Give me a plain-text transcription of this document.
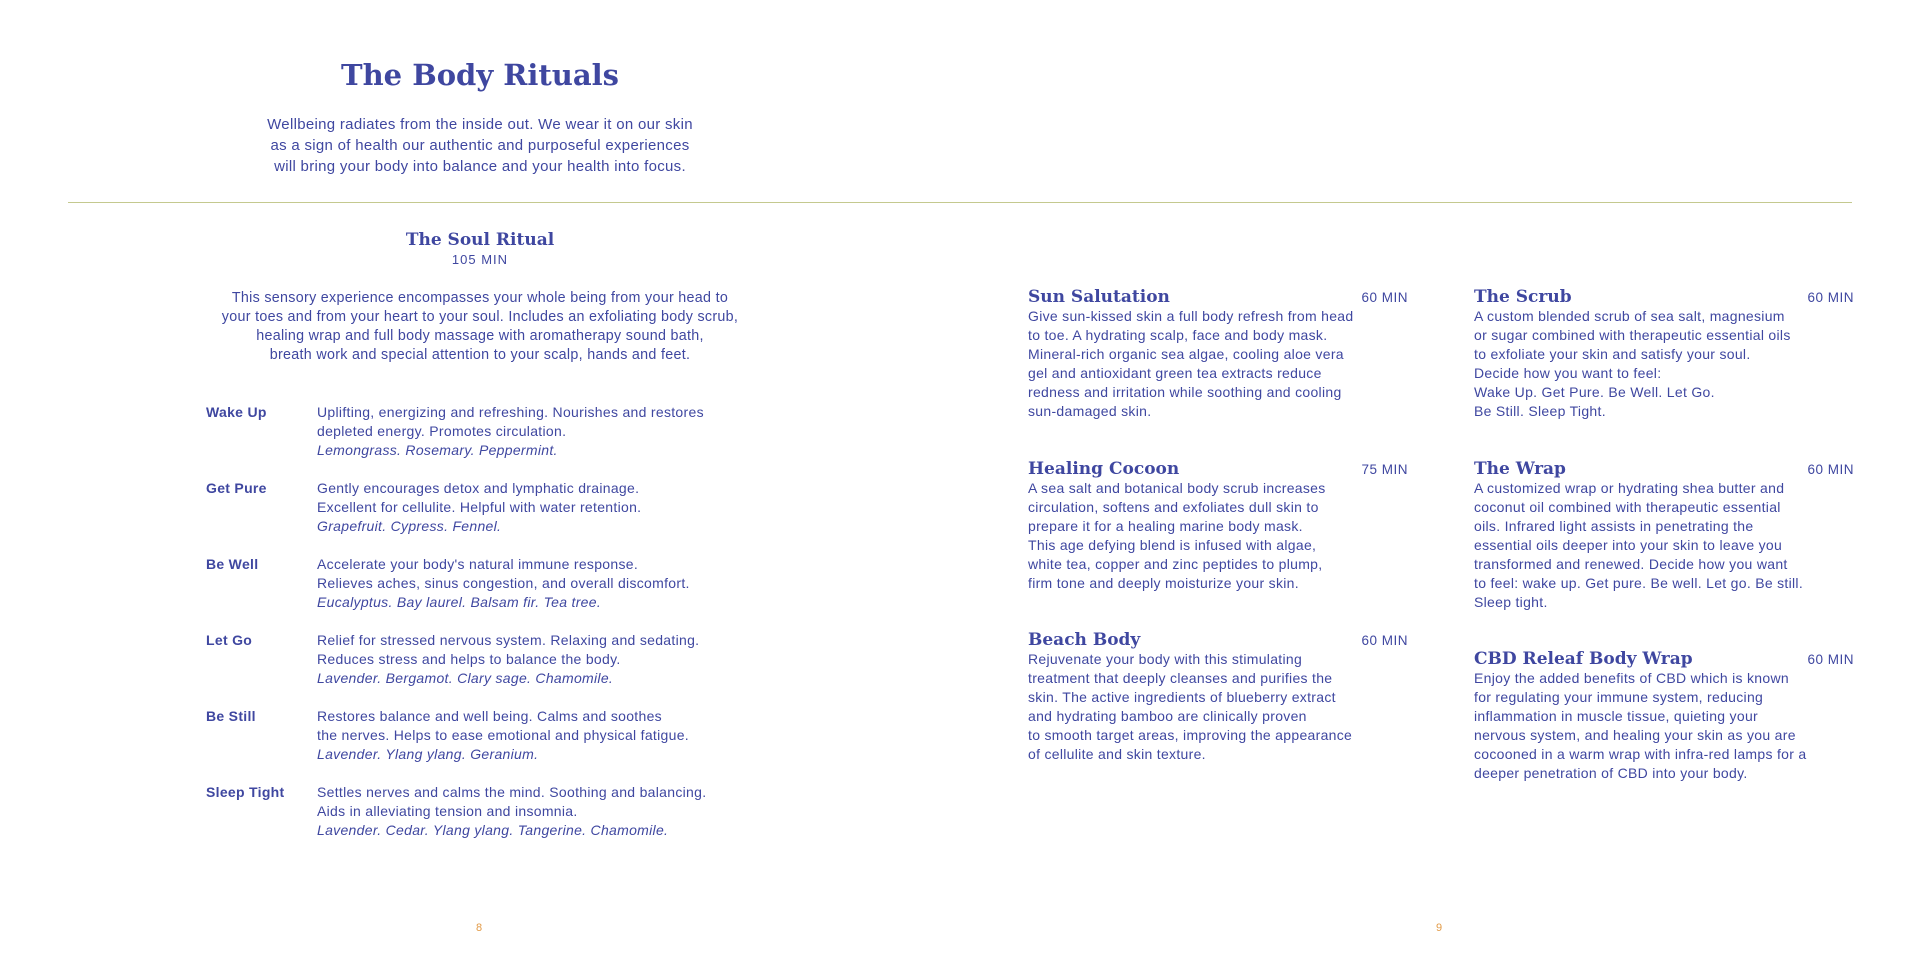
The Body Rituals
Wellbeing radiates from the inside out. We wear it on our skin
as a sign of health our authentic and purposeful experiences
will bring your body into balance and your health into focus.
The Soul Ritual
105 MIN
This sensory experience encompasses your whole being from your head to
your toes and from your heart to your soul. Includes an exfoliating body scrub,
healing wrap and full body massage with aromatherapy sound bath,
breath work and special attention to your scalp, hands and feet.
Wake Up	Uplifting, energizing and refreshing. Nourishes and restores
depleted energy. Promotes circulation.
Lemongrass. Rosemary. Peppermint.
Get Pure	Gently encourages detox and lymphatic drainage.
Excellent for cellulite. Helpful with water retention.
Grapefruit. Cypress. Fennel.
Be Well	Accelerate your body's natural immune response.
Relieves aches, sinus congestion, and overall discomfort.
Eucalyptus. Bay laurel. Balsam fir. Tea tree.
Let Go	Relief for stressed nervous system. Relaxing and sedating.
Reduces stress and helps to balance the body.
Lavender. Bergamot. Clary sage. Chamomile.
Be Still	Restores balance and well being. Calms and soothes
the nerves. Helps to ease emotional and physical fatigue.
Lavender. Ylang ylang. Geranium.
Sleep Tight	Settles nerves and calms the mind. Soothing and balancing.
Aids in alleviating tension and insomnia.
Lavender. Cedar. Ylang ylang. Tangerine. Chamomile.
8
Sun Salutation	60 MIN
Give sun-kissed skin a full body refresh from head
to toe. A hydrating scalp, face and body mask.
Mineral-rich organic sea algae, cooling aloe vera
gel and antioxidant green tea extracts reduce
redness and irritation while soothing and cooling
sun-damaged skin.
Healing Cocoon	75 MIN
A sea salt and botanical body scrub increases
circulation, softens and exfoliates dull skin to
prepare it for a healing marine body mask.
This age defying blend is infused with algae,
white tea, copper and zinc peptides to plump,
firm tone and deeply moisturize your skin.
Beach Body	60 MIN
Rejuvenate your body with this stimulating
treatment that deeply cleanses and purifies the
skin. The active ingredients of blueberry extract
and hydrating bamboo are clinically proven
to smooth target areas, improving the appearance
of cellulite and skin texture.
The Scrub	60 MIN
A custom blended scrub of sea salt, magnesium
or sugar combined with therapeutic essential oils
to exfoliate your skin and satisfy your soul.
Decide how you want to feel:
Wake Up. Get Pure. Be Well. Let Go.
Be Still. Sleep Tight.
The Wrap	60 MIN
A customized wrap or hydrating shea butter and
coconut oil combined with therapeutic essential
oils. Infrared light assists in penetrating the
essential oils deeper into your skin to leave you
transformed and renewed. Decide how you want
to feel: wake up. Get pure. Be well. Let go. Be still.
Sleep tight.
CBD Releaf Body Wrap	60 MIN
Enjoy the added benefits of CBD which is known
for regulating your immune system, reducing
inflammation in muscle tissue, quieting your
nervous system, and healing your skin as you are
cocooned in a warm wrap with infra-red lamps for a
deeper penetration of CBD into your body.
9
